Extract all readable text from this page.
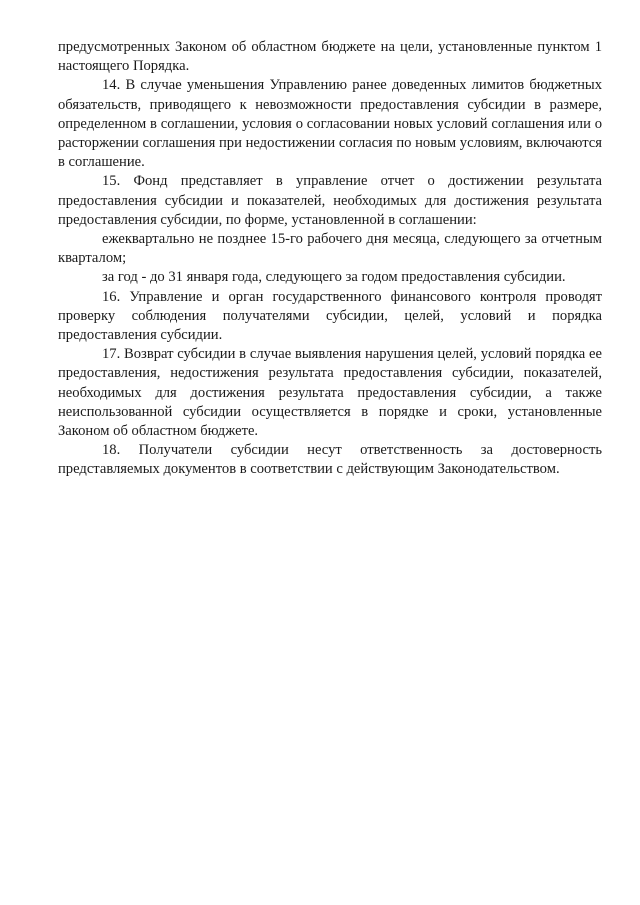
предусмотренных Законом об областном бюджете на цели, установленные пунктом 1 настоящего Порядка.

14. В случае уменьшения Управлению ранее доведенных лимитов бюджетных обязательств, приводящего к невозможности предоставления субсидии в размере, определенном в соглашении, условия о согласовании новых условий соглашения или о расторжении соглашения при недостижении согласия по новым условиям, включаются в соглашение.

15. Фонд представляет в управление отчет о достижении результата предоставления субсидии и показателей, необходимых для достижения результата предоставления субсидии, по форме, установленной в соглашении:

ежеквартально не позднее 15-го рабочего дня месяца, следующего за отчетным кварталом;

за год - до 31 января года, следующего за годом предоставления субсидии.

16. Управление и орган государственного финансового контроля проводят проверку соблюдения получателями субсидии, целей, условий и порядка предоставления субсидии.

17. Возврат субсидии в случае выявления нарушения целей, условий порядка ее предоставления, недостижения результата предоставления субсидии, показателей, необходимых для достижения результата предоставления субсидии, а также неиспользованной субсидии осуществляется в порядке и сроки, установленные Законом об областном бюджете.

18. Получатели субсидии несут ответственность за достоверность представляемых документов в соответствии с действующим Законодательством.
